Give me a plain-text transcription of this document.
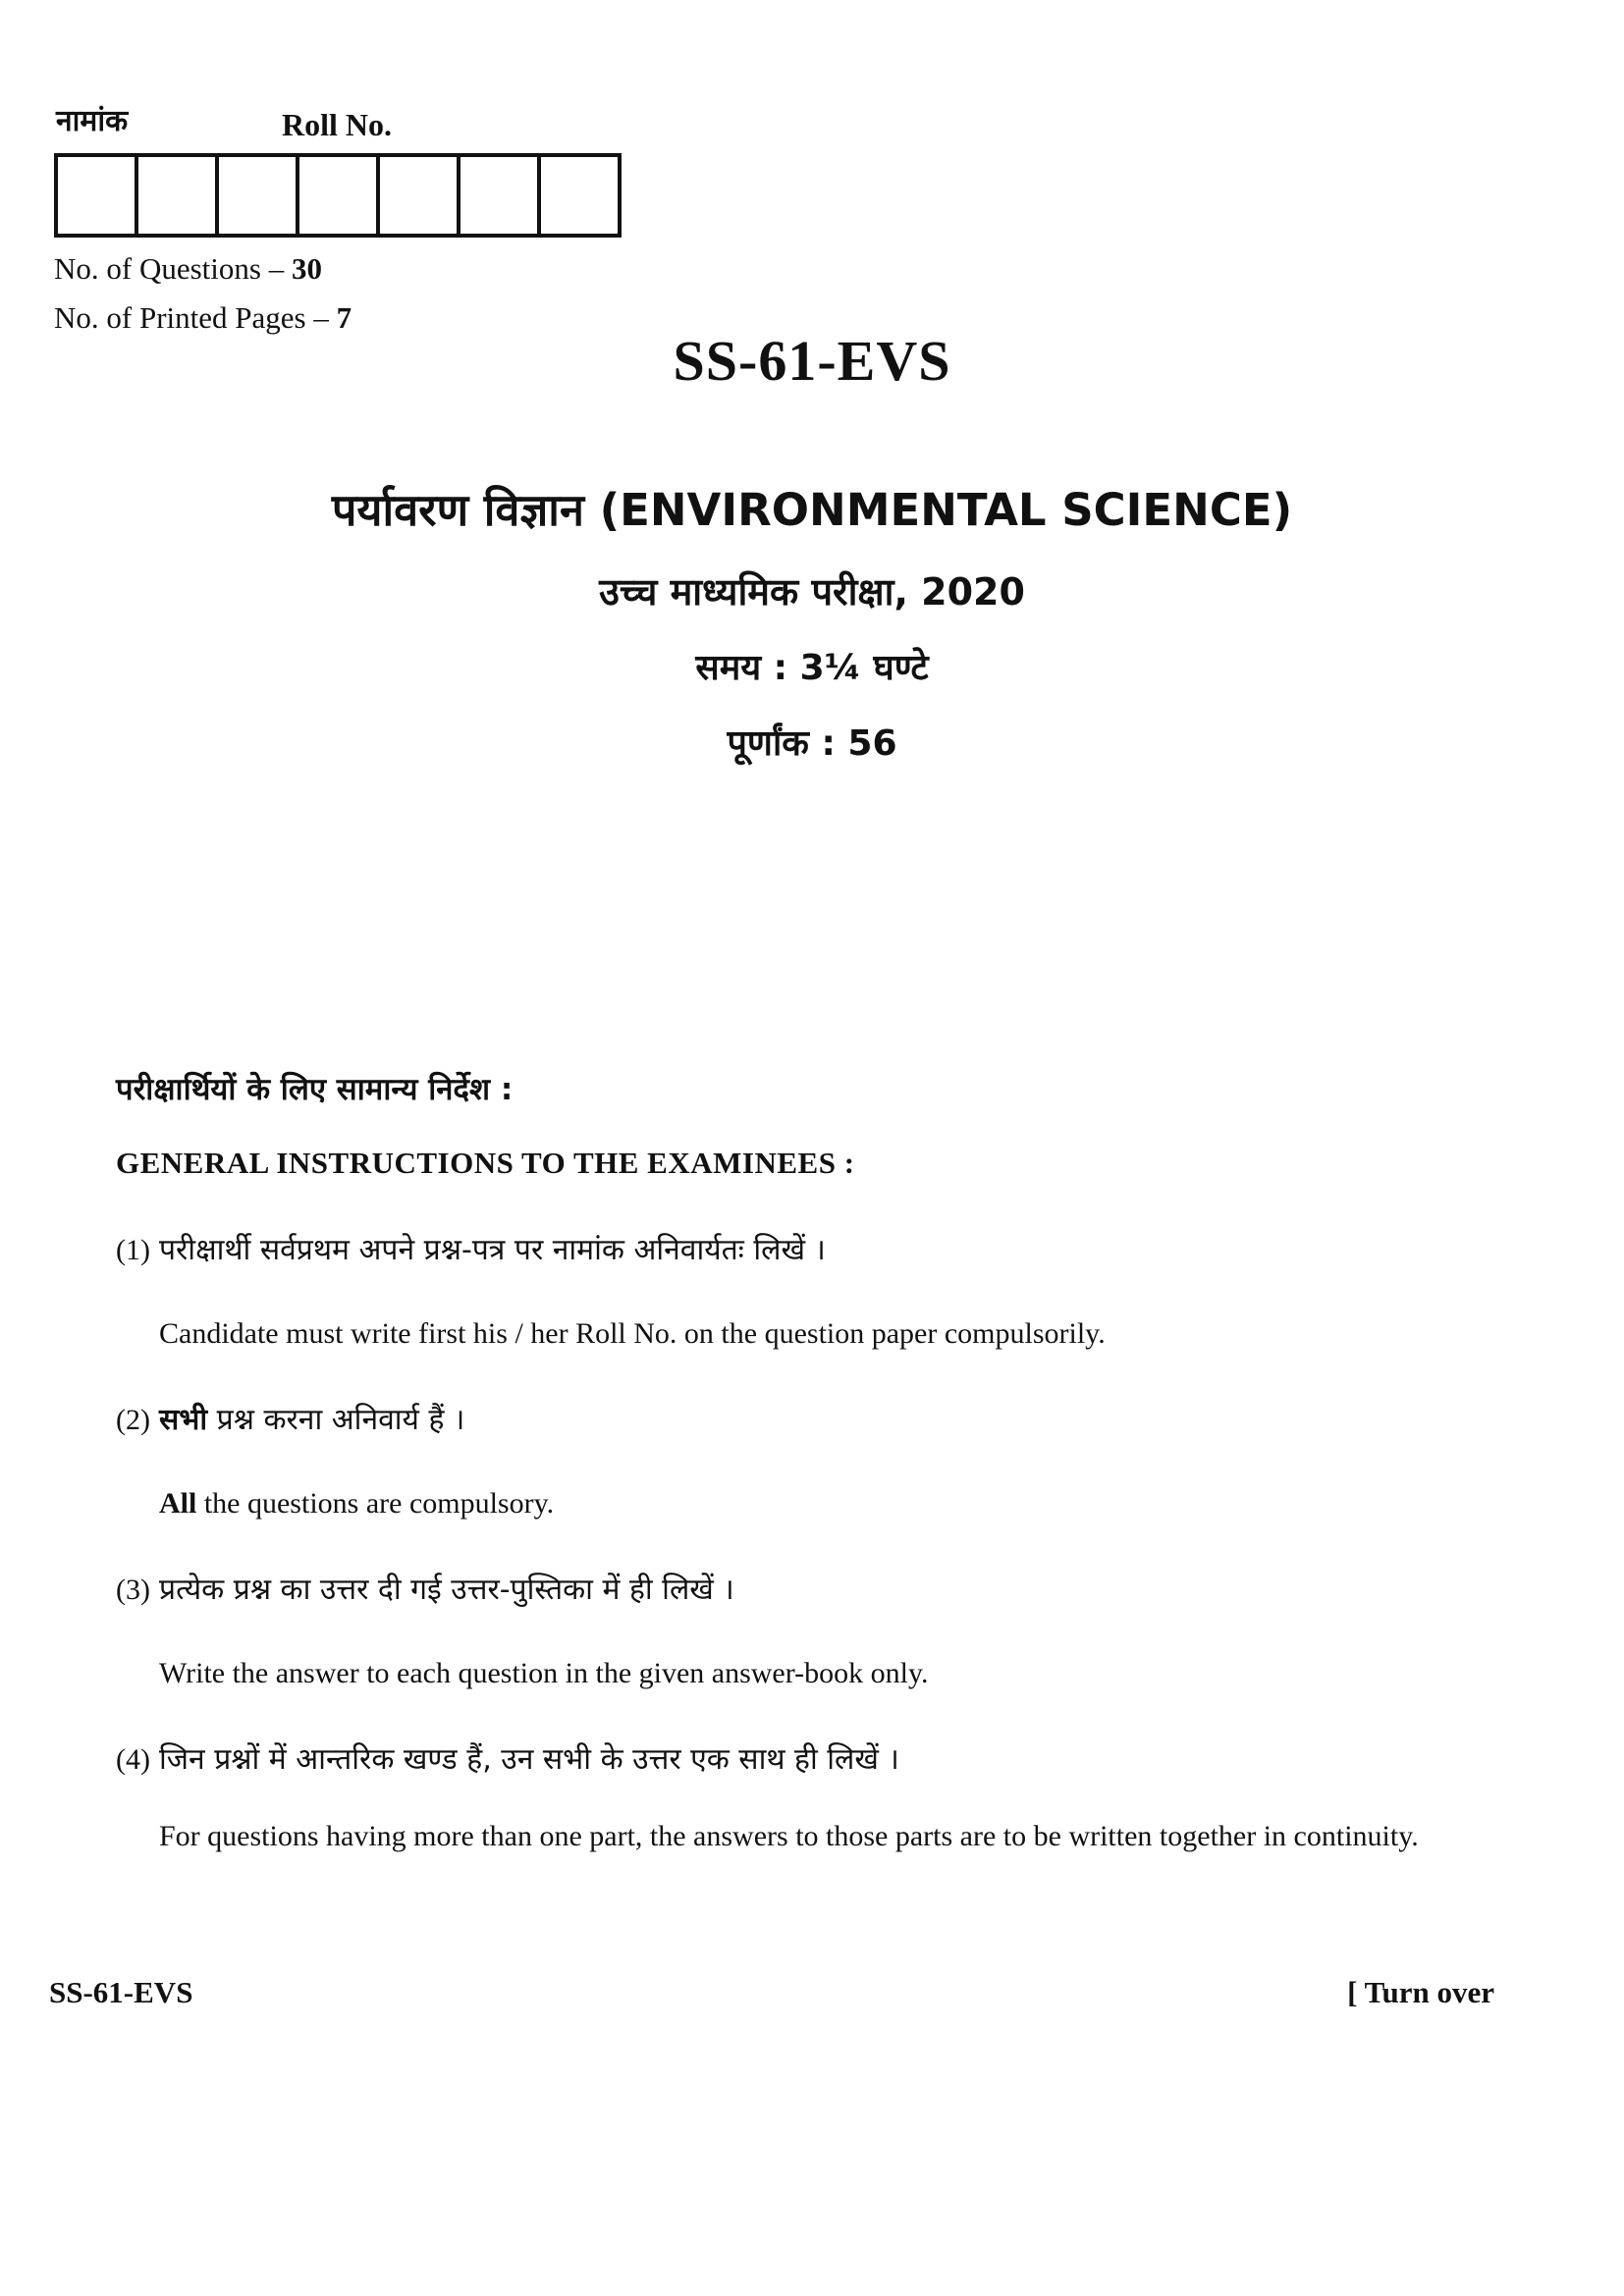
नामांक	Roll No.
No. of Questions – 30
No. of Printed Pages – 7
SS-61-EVS
पर्यावरण विज्ञान (ENVIRONMENTAL SCIENCE)
उच्च माध्यमिक परीक्षा, 2020
समय : 3¼ घण्टे
पूर्णांक : 56
परीक्षार्थियों के लिए सामान्य निर्देश :
GENERAL INSTRUCTIONS TO THE EXAMINEES :
(1) परीक्षार्थी सर्वप्रथम अपने प्रश्न-पत्र पर नामांक अनिवार्यतः लिखें ।
Candidate must write first his / her Roll No. on the question paper compulsorily.
(2) सभी प्रश्न करना अनिवार्य हैं ।
All the questions are compulsory.
(3) प्रत्येक प्रश्न का उत्तर दी गई उत्तर-पुस्तिका में ही लिखें ।
Write the answer to each question in the given answer-book only.
(4) जिन प्रश्नों में आन्तरिक खण्ड हैं, उन सभी के उत्तर एक साथ ही लिखें ।
For questions having more than one part, the answers to those parts are to be written together in continuity.
SS-61-EVS	[ Turn over
